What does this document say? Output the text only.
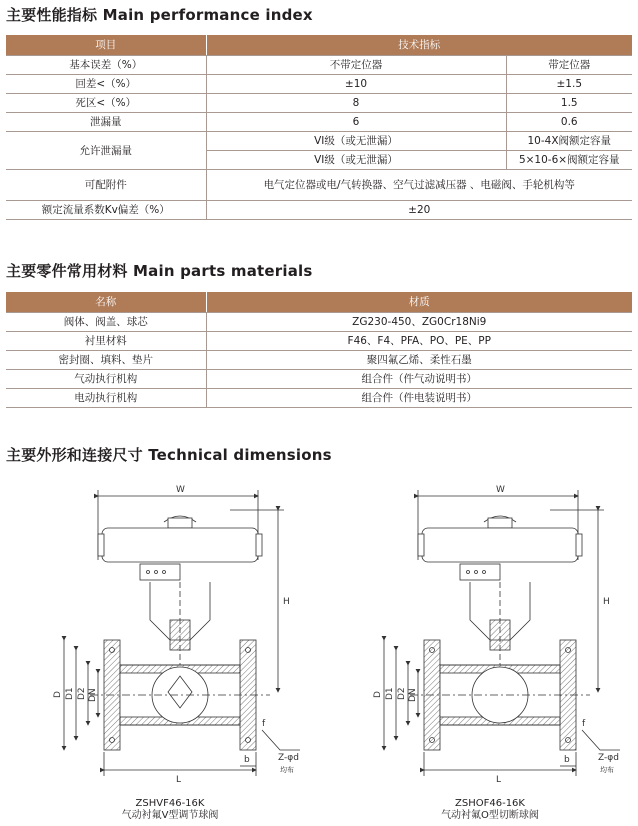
主要性能指标 Main performance index
项目	技术指标	
基本误差（%）	不带定位器	带定位器
回差<（%）	±10	±1.5
死区<（%）	8	1.5
泄漏量	6	0.6
允许泄漏量	VI级（或无泄漏）	10-4X阀额定容量
	VI级（或无泄漏）	5×10-6×阀额定容量
可配附件	电气定位器或电/气转换器、空气过滤减压器 、电磁阀、手轮机构等	
额定流量系数Kv偏差（%）	±20	
主要零件常用材料 Main parts materials
名称	材质
阀体、阀盖、球芯	ZG230-450、ZG0Cr18Ni9
衬里材料	F46、F4、PFA、PO、PE、PP
密封圈、填料、垫片	聚四氟乙烯、柔性石墨
气动执行机构	组合件（件气动说明书）
电动执行机构	组合件（件电装说明书）
主要外形和连接尺寸 Technical dimensions
W
H
D D1 D2 DN
L
b
f
Z-φd
均布
W
H
D D1 D2 DN
L
b
f
Z-φd
均布
ZSHVF46-16K
气动衬氟V型调节球阀
ZSHOF46-16K
气动衬氟O型切断球阀
